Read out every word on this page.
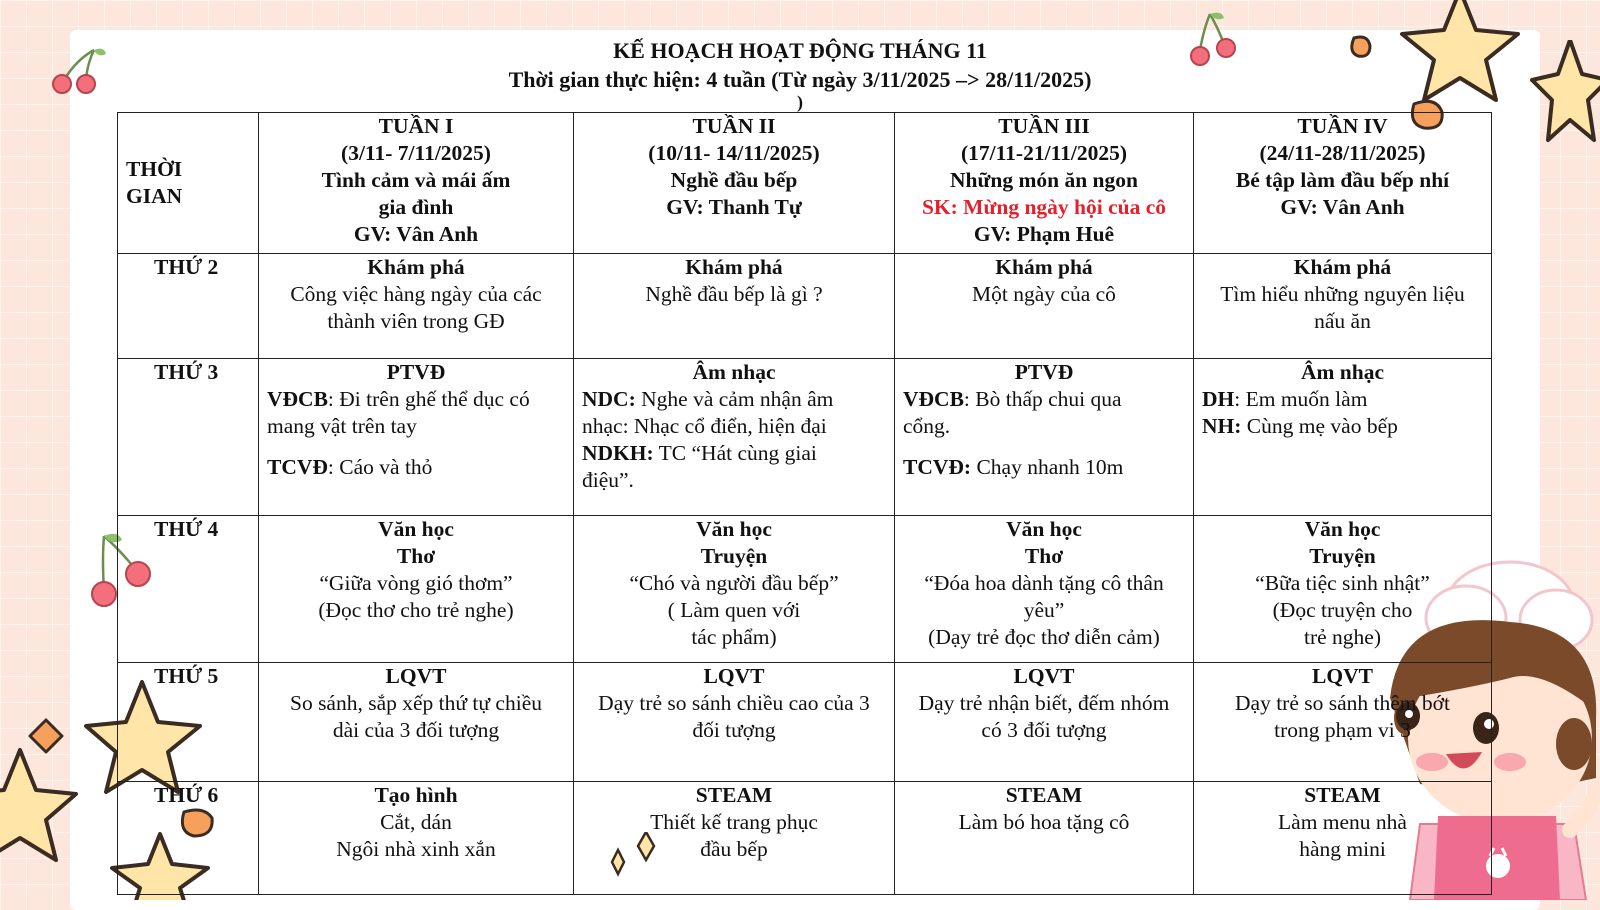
KẾ HOẠCH HOẠT ĐỘNG THÁNG 11
Thời gian thực hiện: 4 tuần (Từ ngày 3/11/2025 –> 28/11/2025)
)
THỜI
GIAN	TUẦN I
(3/11- 7/11/2025)
Tình cảm và mái ấm
gia đình
GV: Vân Anh	TUẦN II
(10/11- 14/11/2025)
Nghề đầu bếp
GV: Thanh Tự	TUẦN III
(17/11-21/11/2025)
Những món ăn ngon
SK: Mừng ngày hội của cô
GV: Phạm Huê	TUẦN IV
(24/11-28/11/2025)
Bé tập làm đầu bếp nhí
GV: Vân Anh

THỨ 2	Khám phá
Công việc hàng ngày của các
thành viên trong GĐ	Khám phá
Nghề đầu bếp là gì ?	Khám phá
Một ngày của cô	Khám phá
Tìm hiểu những nguyên liệu
nấu ăn

THỨ 3	PTVĐ
VĐCB: Đi trên ghế thể dục có
mang vật trên tay
TCVĐ: Cáo và thỏ	Âm nhạc
NDC: Nghe và cảm nhận âm
nhạc: Nhạc cổ điển, hiện đại
NDKH: TC “Hát cùng giai
điệu”.	PTVĐ
VĐCB: Bò thấp chui qua
cổng.
TCVĐ: Chạy nhanh 10m	Âm nhạc
DH: Em muốn làm
NH: Cùng mẹ vào bếp

THỨ 4	Văn học
Thơ
“Giữa vòng gió thơm”
(Đọc thơ cho trẻ nghe)	Văn học
Truyện
“Chó và người đầu bếp”
( Làm quen với
tác phẩm)	Văn học
Thơ
“Đóa hoa dành tặng cô thân
yêu”
(Dạy trẻ đọc thơ diễn cảm)	Văn học
Truyện
“Bữa tiệc sinh nhật”
(Đọc truyện cho
trẻ nghe)

THỨ 5	LQVT
So sánh, sắp xếp thứ tự chiều
dài của 3 đối tượng	LQVT
Dạy trẻ so sánh chiều cao của 3
đối tượng	LQVT
Dạy trẻ nhận biết, đếm nhóm
có 3 đối tượng	LQVT
Dạy trẻ so sánh thêm bớt
trong phạm vi 3

THỨ 6	Tạo hình
Cắt, dán
Ngôi nhà xinh xắn	STEAM
Thiết kế trang phục
đầu bếp	STEAM
Làm bó hoa tặng cô	STEAM
Làm menu nhà
hàng mini
